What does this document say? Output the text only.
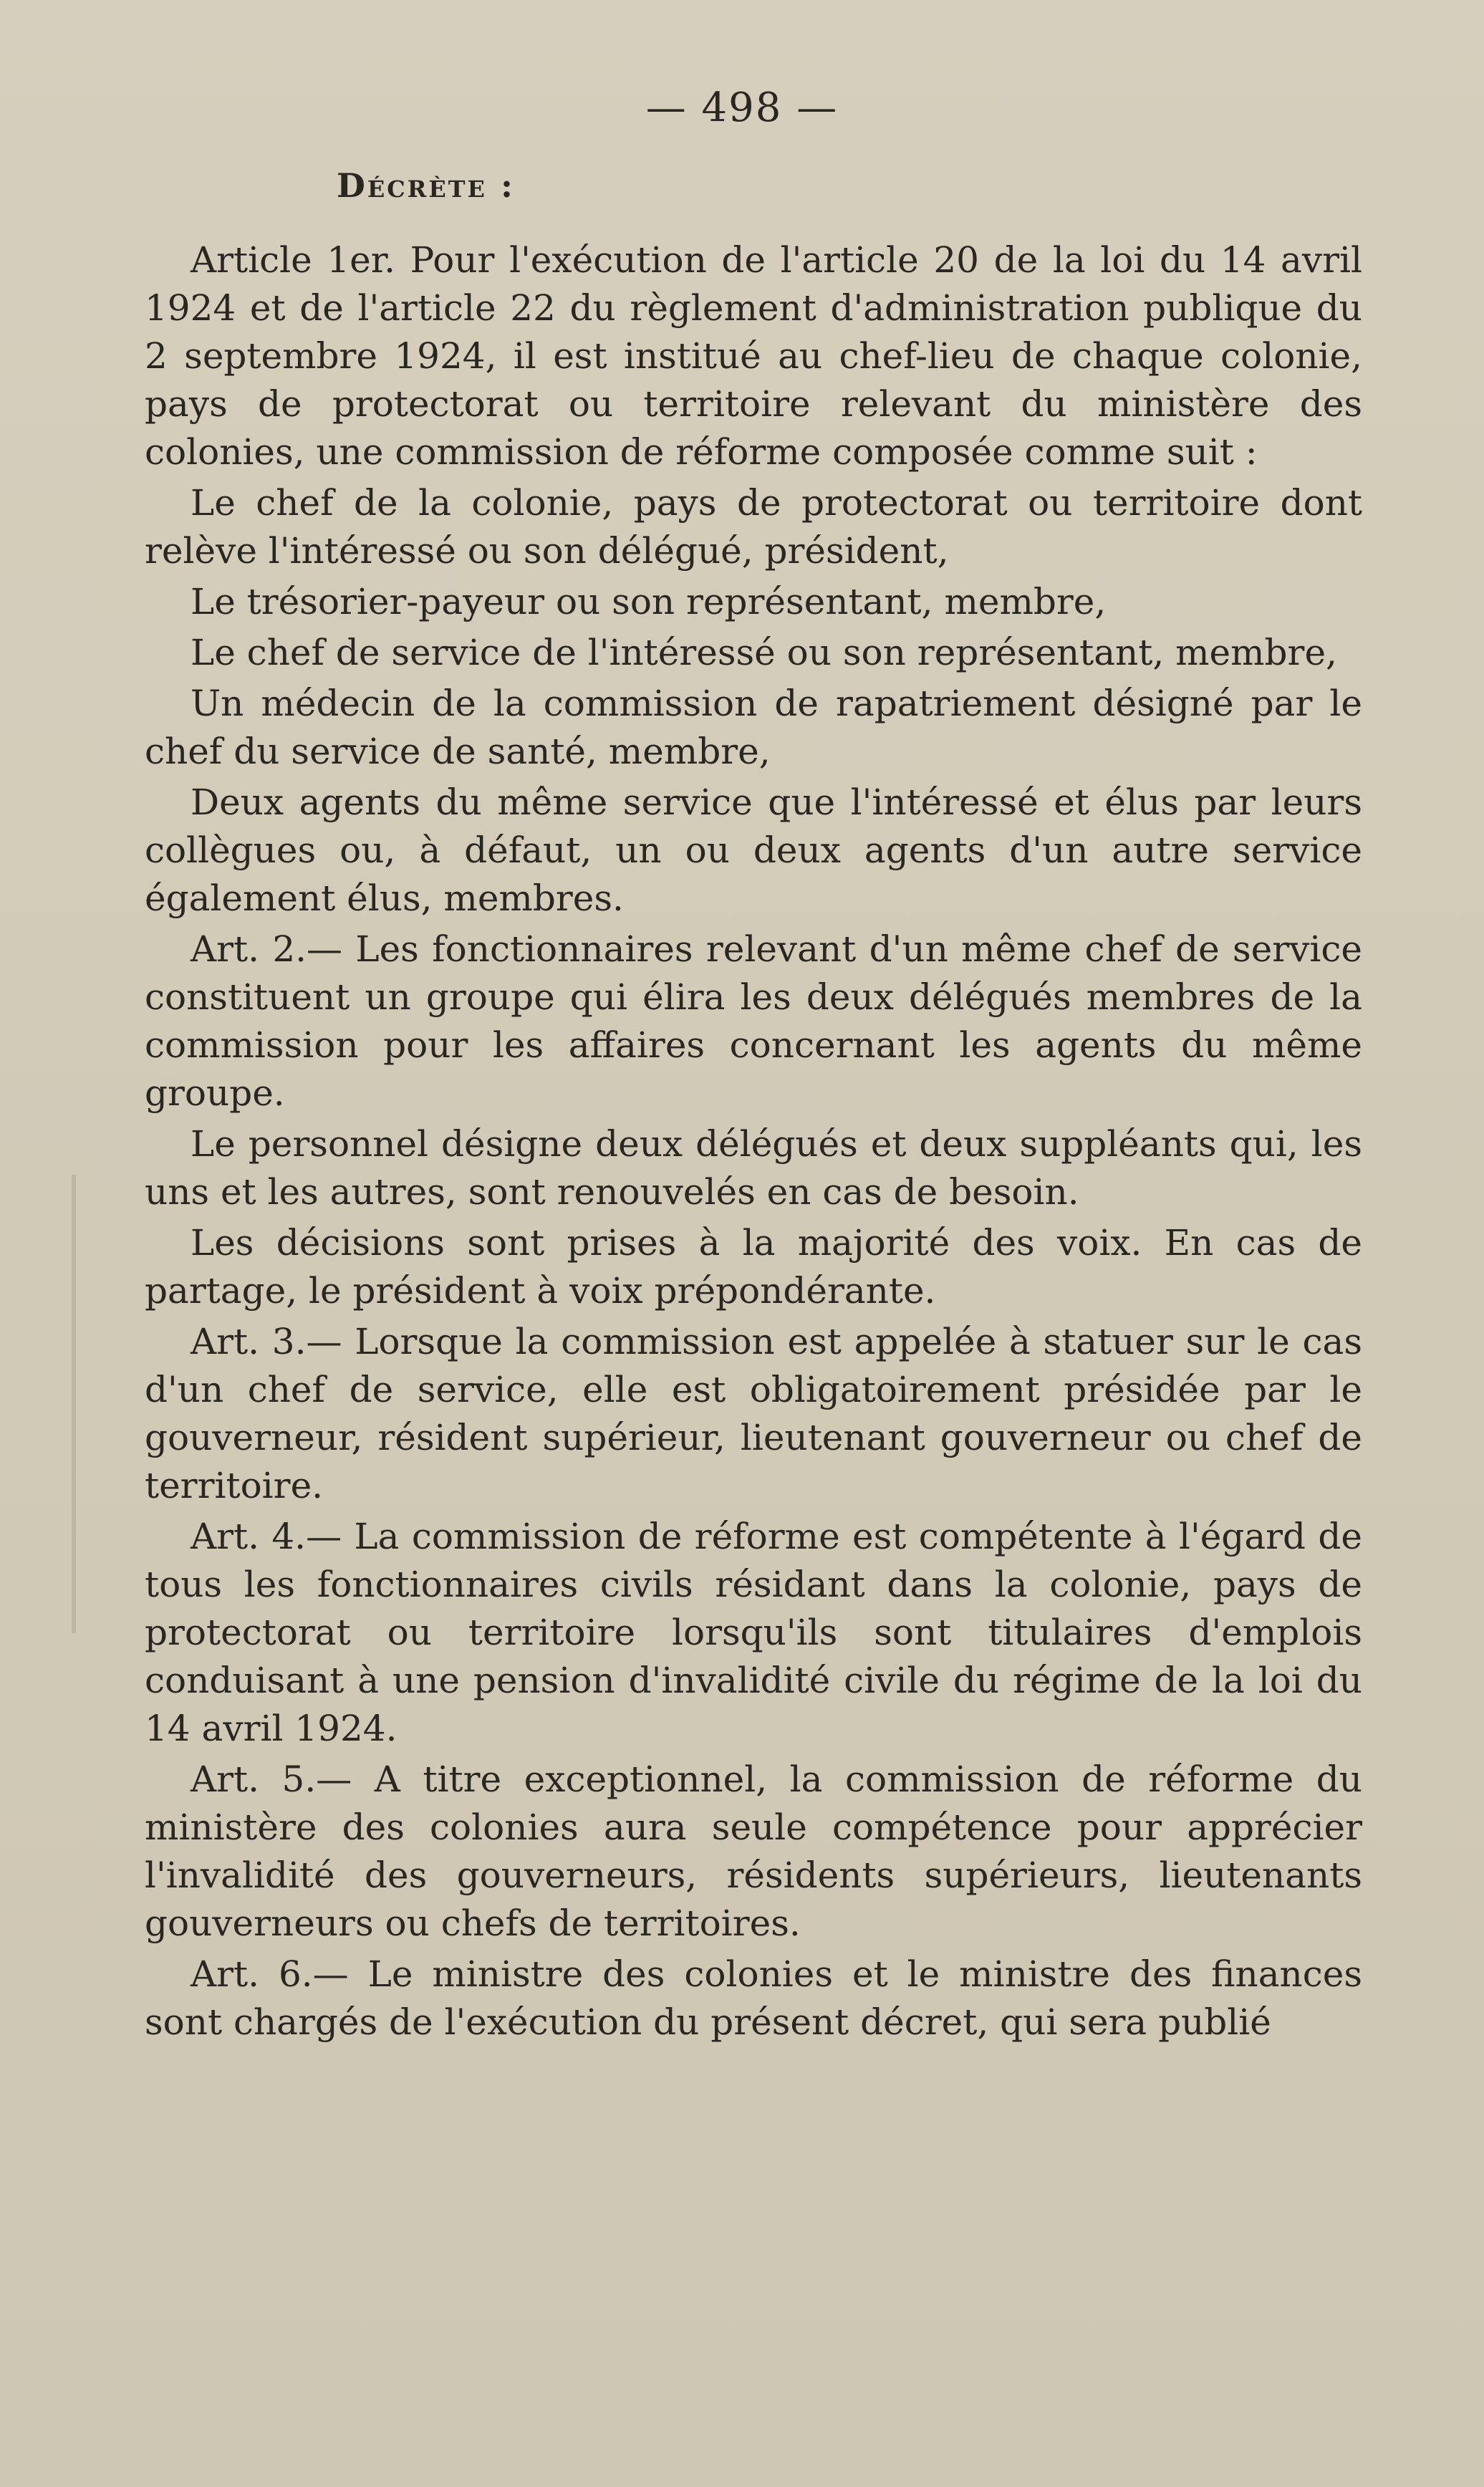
— 498 —
Décrète :

Article 1er. Pour l'exécution de l'article 20 de la loi du 14 avril 1924 et de l'article 22 du règlement d'administration publique du 2 septembre 1924, il est institué au chef-lieu de chaque colonie, pays de protectorat ou territoire relevant du ministère des colonies, une commission de réforme composée comme suit :

Le chef de la colonie, pays de protectorat ou territoire dont relève l'intéressé ou son délégué, président,

Le trésorier-payeur ou son représentant, membre,

Le chef de service de l'intéressé ou son représentant, membre,

Un médecin de la commission de rapatriement désigné par le chef du service de santé, membre,

Deux agents du même service que l'intéressé et élus par leurs collègues ou, à défaut, un ou deux agents d'un autre service également élus, membres.

Art. 2.— Les fonctionnaires relevant d'un même chef de service constituent un groupe qui élira les deux délégués membres de la commission pour les affaires concernant les agents du même groupe.

Le personnel désigne deux délégués et deux suppléants qui, les uns et les autres, sont renouvelés en cas de besoin.

Les décisions sont prises à la majorité des voix. En cas de partage, le président à voix prépondérante.

Art. 3.— Lorsque la commission est appelée à statuer sur le cas d'un chef de service, elle est obligatoirement présidée par le gouverneur, résident supérieur, lieutenant gouverneur ou chef de territoire.

Art. 4.— La commission de réforme est compétente à l'égard de tous les fonctionnaires civils résidant dans la colonie, pays de protectorat ou territoire lorsqu'ils sont titulaires d'emplois conduisant à une pension d'invalidité civile du régime de la loi du 14 avril 1924.

Art. 5.— A titre exceptionnel, la commission de réforme du ministère des colonies aura seule compétence pour apprécier l'invalidité des gouverneurs, résidents supérieurs, lieutenants gouverneurs ou chefs de territoires.

Art. 6.— Le ministre des colonies et le ministre des finances sont chargés de l'exécution du présent décret, qui sera publié
